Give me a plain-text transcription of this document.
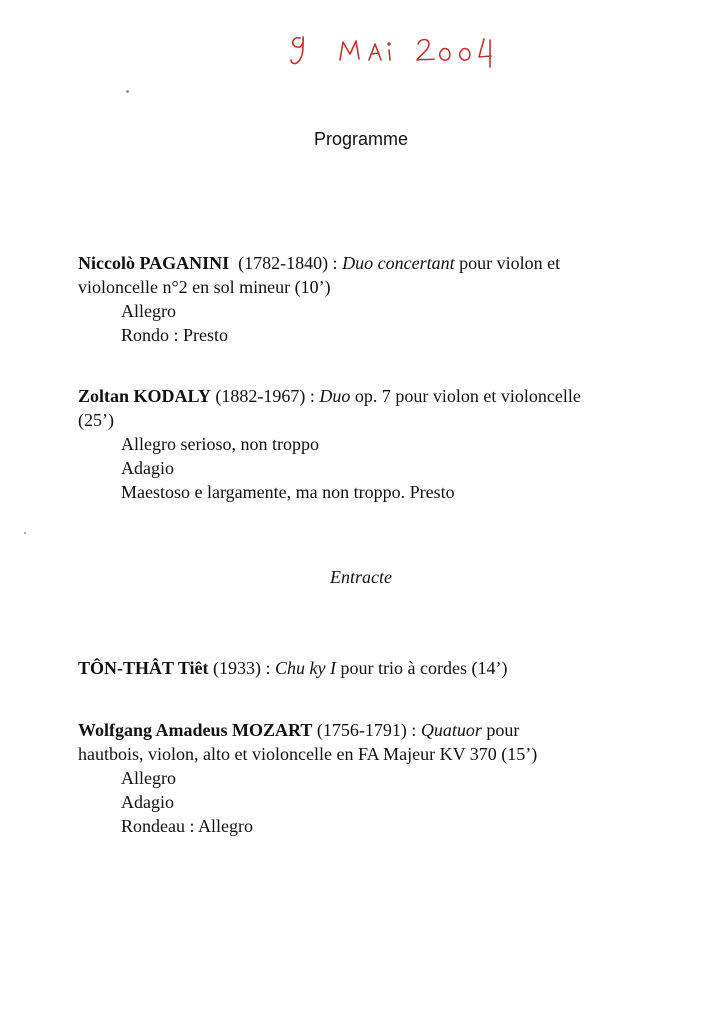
Programme
Niccolò PAGANINI (1782-1840) : Duo concertant pour violon et
violoncelle n°2 en sol mineur (10’)
Allegro
Rondo : Presto
Zoltan KODALY (1882-1967) : Duo op. 7 pour violon et violoncelle
(25’)
Allegro serioso, non troppo
Adagio
Maestoso e largamente, ma non troppo. Presto
Entracte
TÔN-THÂT Tiêt (1933) : Chu ky I pour trio à cordes (14’)
Wolfgang Amadeus MOZART (1756-1791) : Quatuor pour
hautbois, violon, alto et violoncelle en FA Majeur KV 370 (15’)
Allegro
Adagio
Rondeau : Allegro
